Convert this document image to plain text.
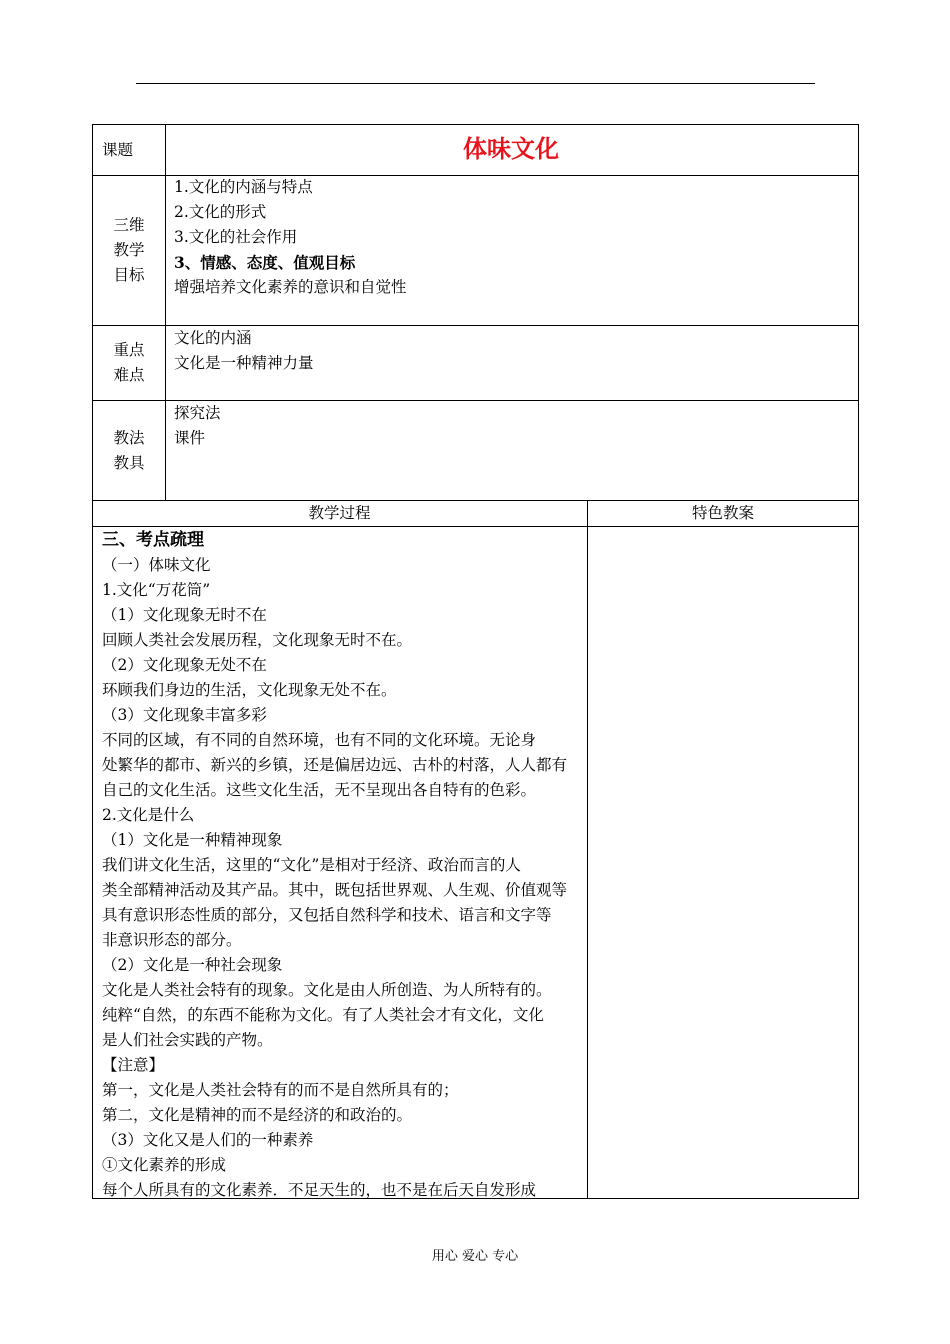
课题	体味文化
三维
教学
目标
1.文化的内涵与特点
2.文化的形式
3.文化的社会作用
3、情感、态度、值观目标
增强培养文化素养的意识和自觉性
重点
难点
文化的内涵
文化是一种精神力量
教法
教具
探究法
课件
教学过程	特色教案
三、考点疏理
（一）体味文化
1.文化“万花筒”
（1）文化现象无时不在
回顾人类社会发展历程，文化现象无时不在。
（2）文化现象无处不在
环顾我们身边的生活，文化现象无处不在。
（3）文化现象丰富多彩
不同的区域，有不同的自然环境，也有不同的文化环境。无论身
处繁华的都市、新兴的乡镇，还是偏居边远、古朴的村落，人人都有
自己的文化生活。这些文化生活，无不呈现出各自特有的色彩。
2.文化是什么
（1）文化是一种精神现象
我们讲文化生活，这里的“文化”是相对于经济、政治而言的人
类全部精神活动及其产品。其中，既包括世界观、人生观、价值观等
具有意识形态性质的部分，又包括自然科学和技术、语言和文字等
非意识形态的部分。
（2）文化是一种社会现象
文化是人类社会特有的现象。文化是由人所创造、为人所特有的。
纯粹“自然，的东西不能称为文化。有了人类社会才有文化，文化
是人们社会实践的产物。
【注意】
第一，文化是人类社会特有的而不是自然所具有的；
第二，文化是精神的而不是经济的和政治的。
（3）文化又是人们的一种素养
①文化素养的形成
每个人所具有的文化素养．不足天生的，也不是在后天自发形成
用心 爱心 专心
